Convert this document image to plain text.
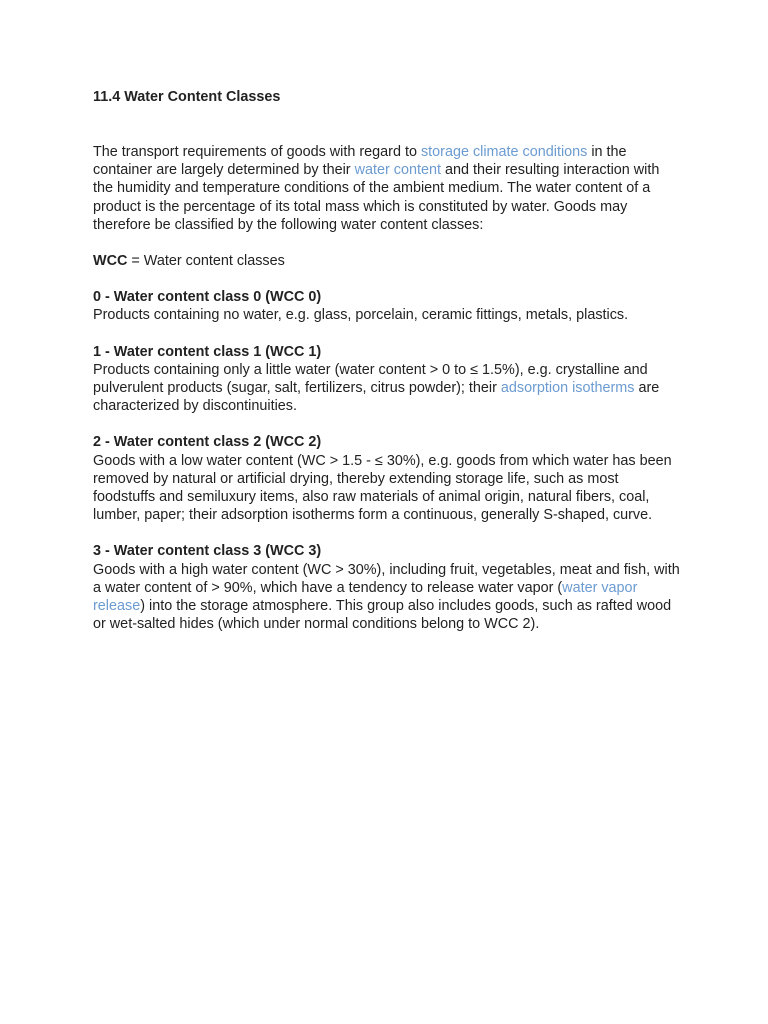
11.4 Water Content Classes

The transport requirements of goods with regard to storage climate conditions in the container are largely determined by their water content and their resulting interaction with the humidity and temperature conditions of the ambient medium. The water content of a product is the percentage of its total mass which is constituted by water. Goods may therefore be classified by the following water content classes:

WCC = Water content classes

0 - Water content class 0 (WCC 0)

Products containing no water, e.g. glass, porcelain, ceramic fittings, metals, plastics.

1 - Water content class 1 (WCC 1)

Products containing only a little water (water content > 0 to ≤ 1.5%), e.g. crystalline and pulverulent products (sugar, salt, fertilizers, citrus powder); their adsorption isotherms are characterized by discontinuities.

2 - Water content class 2 (WCC 2)

Goods with a low water content (WC > 1.5 - ≤ 30%), e.g. goods from which water has been removed by natural or artificial drying, thereby extending storage life, such as most foodstuffs and semiluxury items, also raw materials of animal origin, natural fibers, coal, lumber, paper; their adsorption isotherms form a continuous, generally S-shaped, curve.

3 - Water content class 3 (WCC 3)

Goods with a high water content (WC > 30%), including fruit, vegetables, meat and fish, with a water content of > 90%, which have a tendency to release water vapor (water vapor release) into the storage atmosphere. This group also includes goods, such as rafted wood or wet-salted hides (which under normal conditions belong to WCC 2).
